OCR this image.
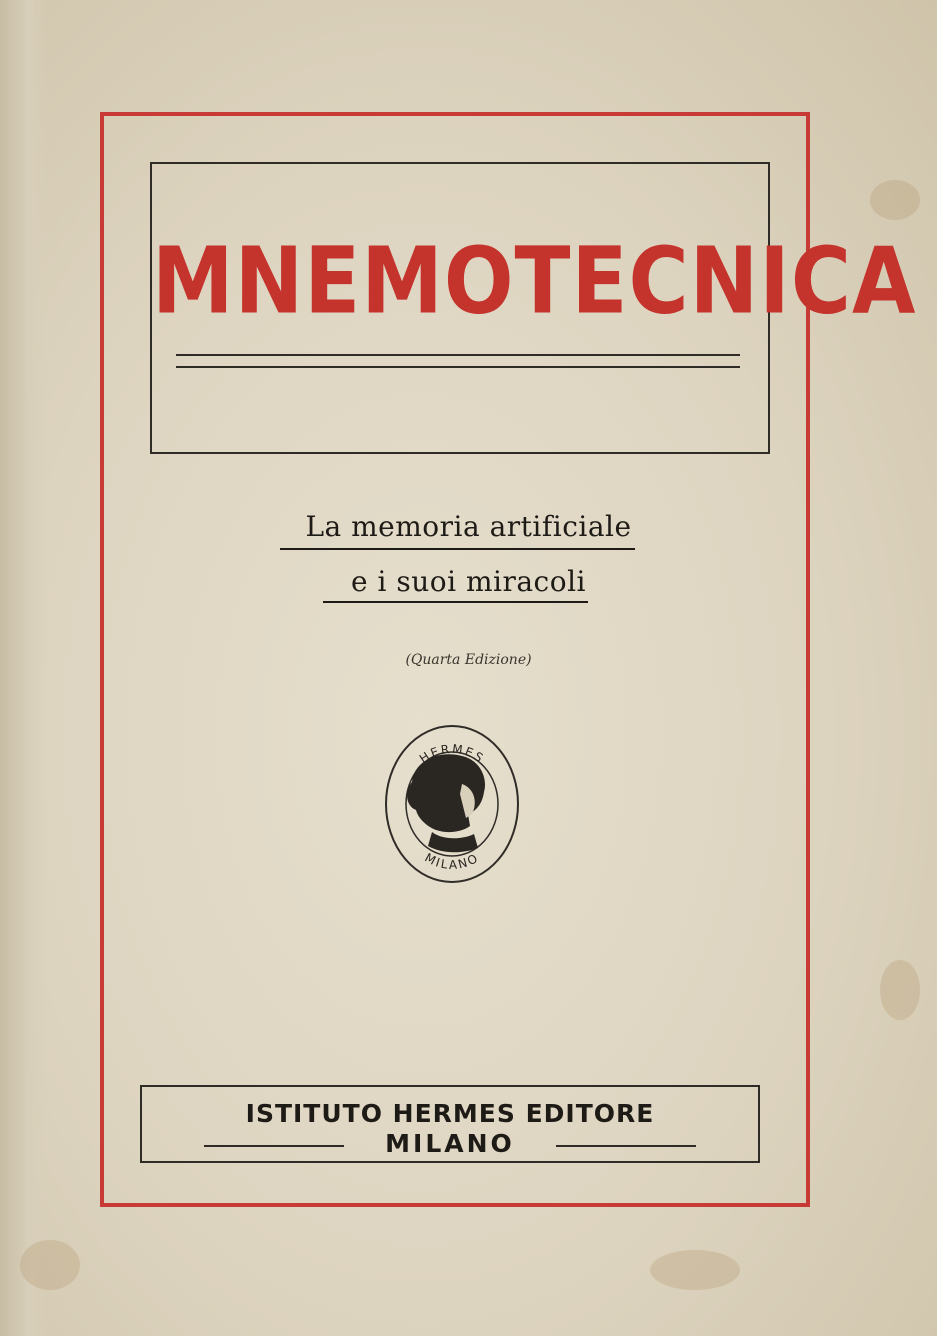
MNEMOTECNICA
La memoria artificiale
e i suoi miracoli
(Quarta Edizione)
HERMES
MILANO
ISTITUTO HERMES EDITORE
MILANO
